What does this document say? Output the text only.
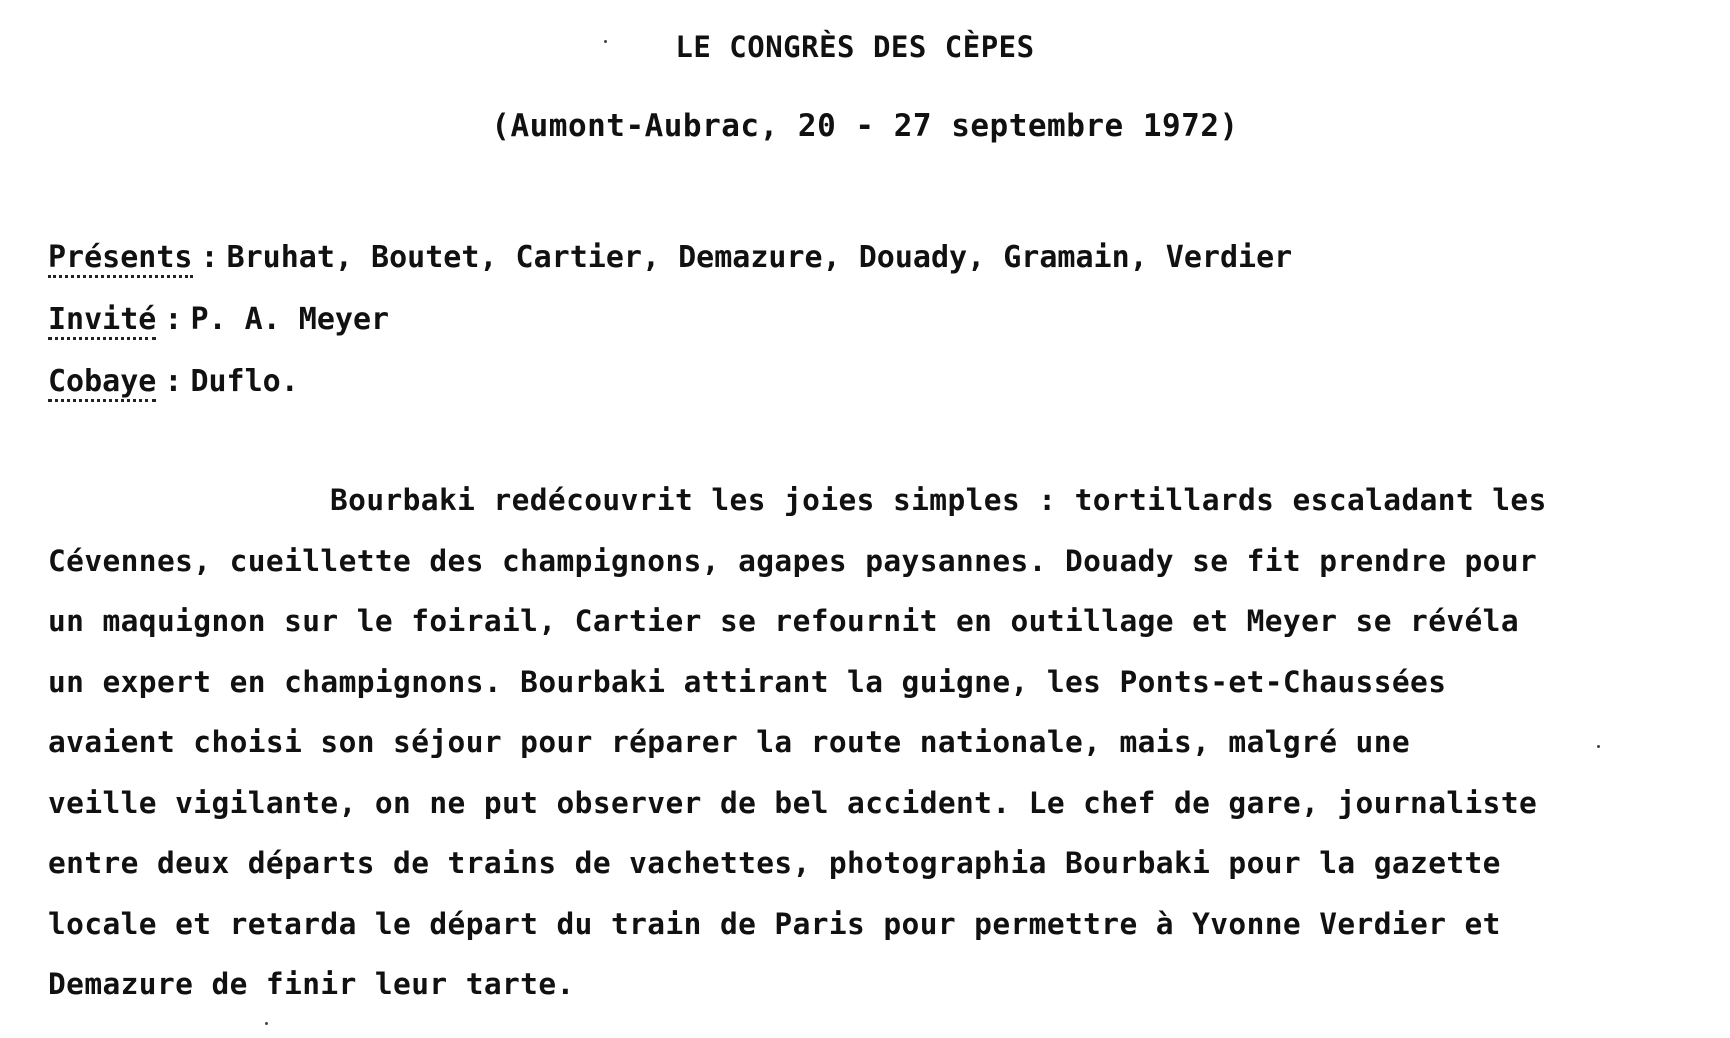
LE CONGRÈS DES CÈPES
(Aumont-Aubrac, 20 - 27 septembre 1972)
Présents : Bruhat, Boutet, Cartier, Demazure, Douady, Gramain, Verdier
Invité : P. A. Meyer
Cobaye : Duflo.
Bourbaki redécouvrit les joies simples : tortillards escaladant les
Cévennes, cueillette des champignons, agapes paysannes. Douady se fit prendre pour
un maquignon sur le foirail, Cartier se refournit en outillage et Meyer se révéla
un expert en champignons. Bourbaki attirant la guigne, les Ponts-et-Chaussées
avaient choisi son séjour pour réparer la route nationale, mais, malgré une
veille vigilante, on ne put observer de bel accident. Le chef de gare, journaliste
entre deux départs de trains de vachettes, photographia Bourbaki pour la gazette
locale et retarda le départ du train de Paris pour permettre à Yvonne Verdier et
Demazure de finir leur tarte.
